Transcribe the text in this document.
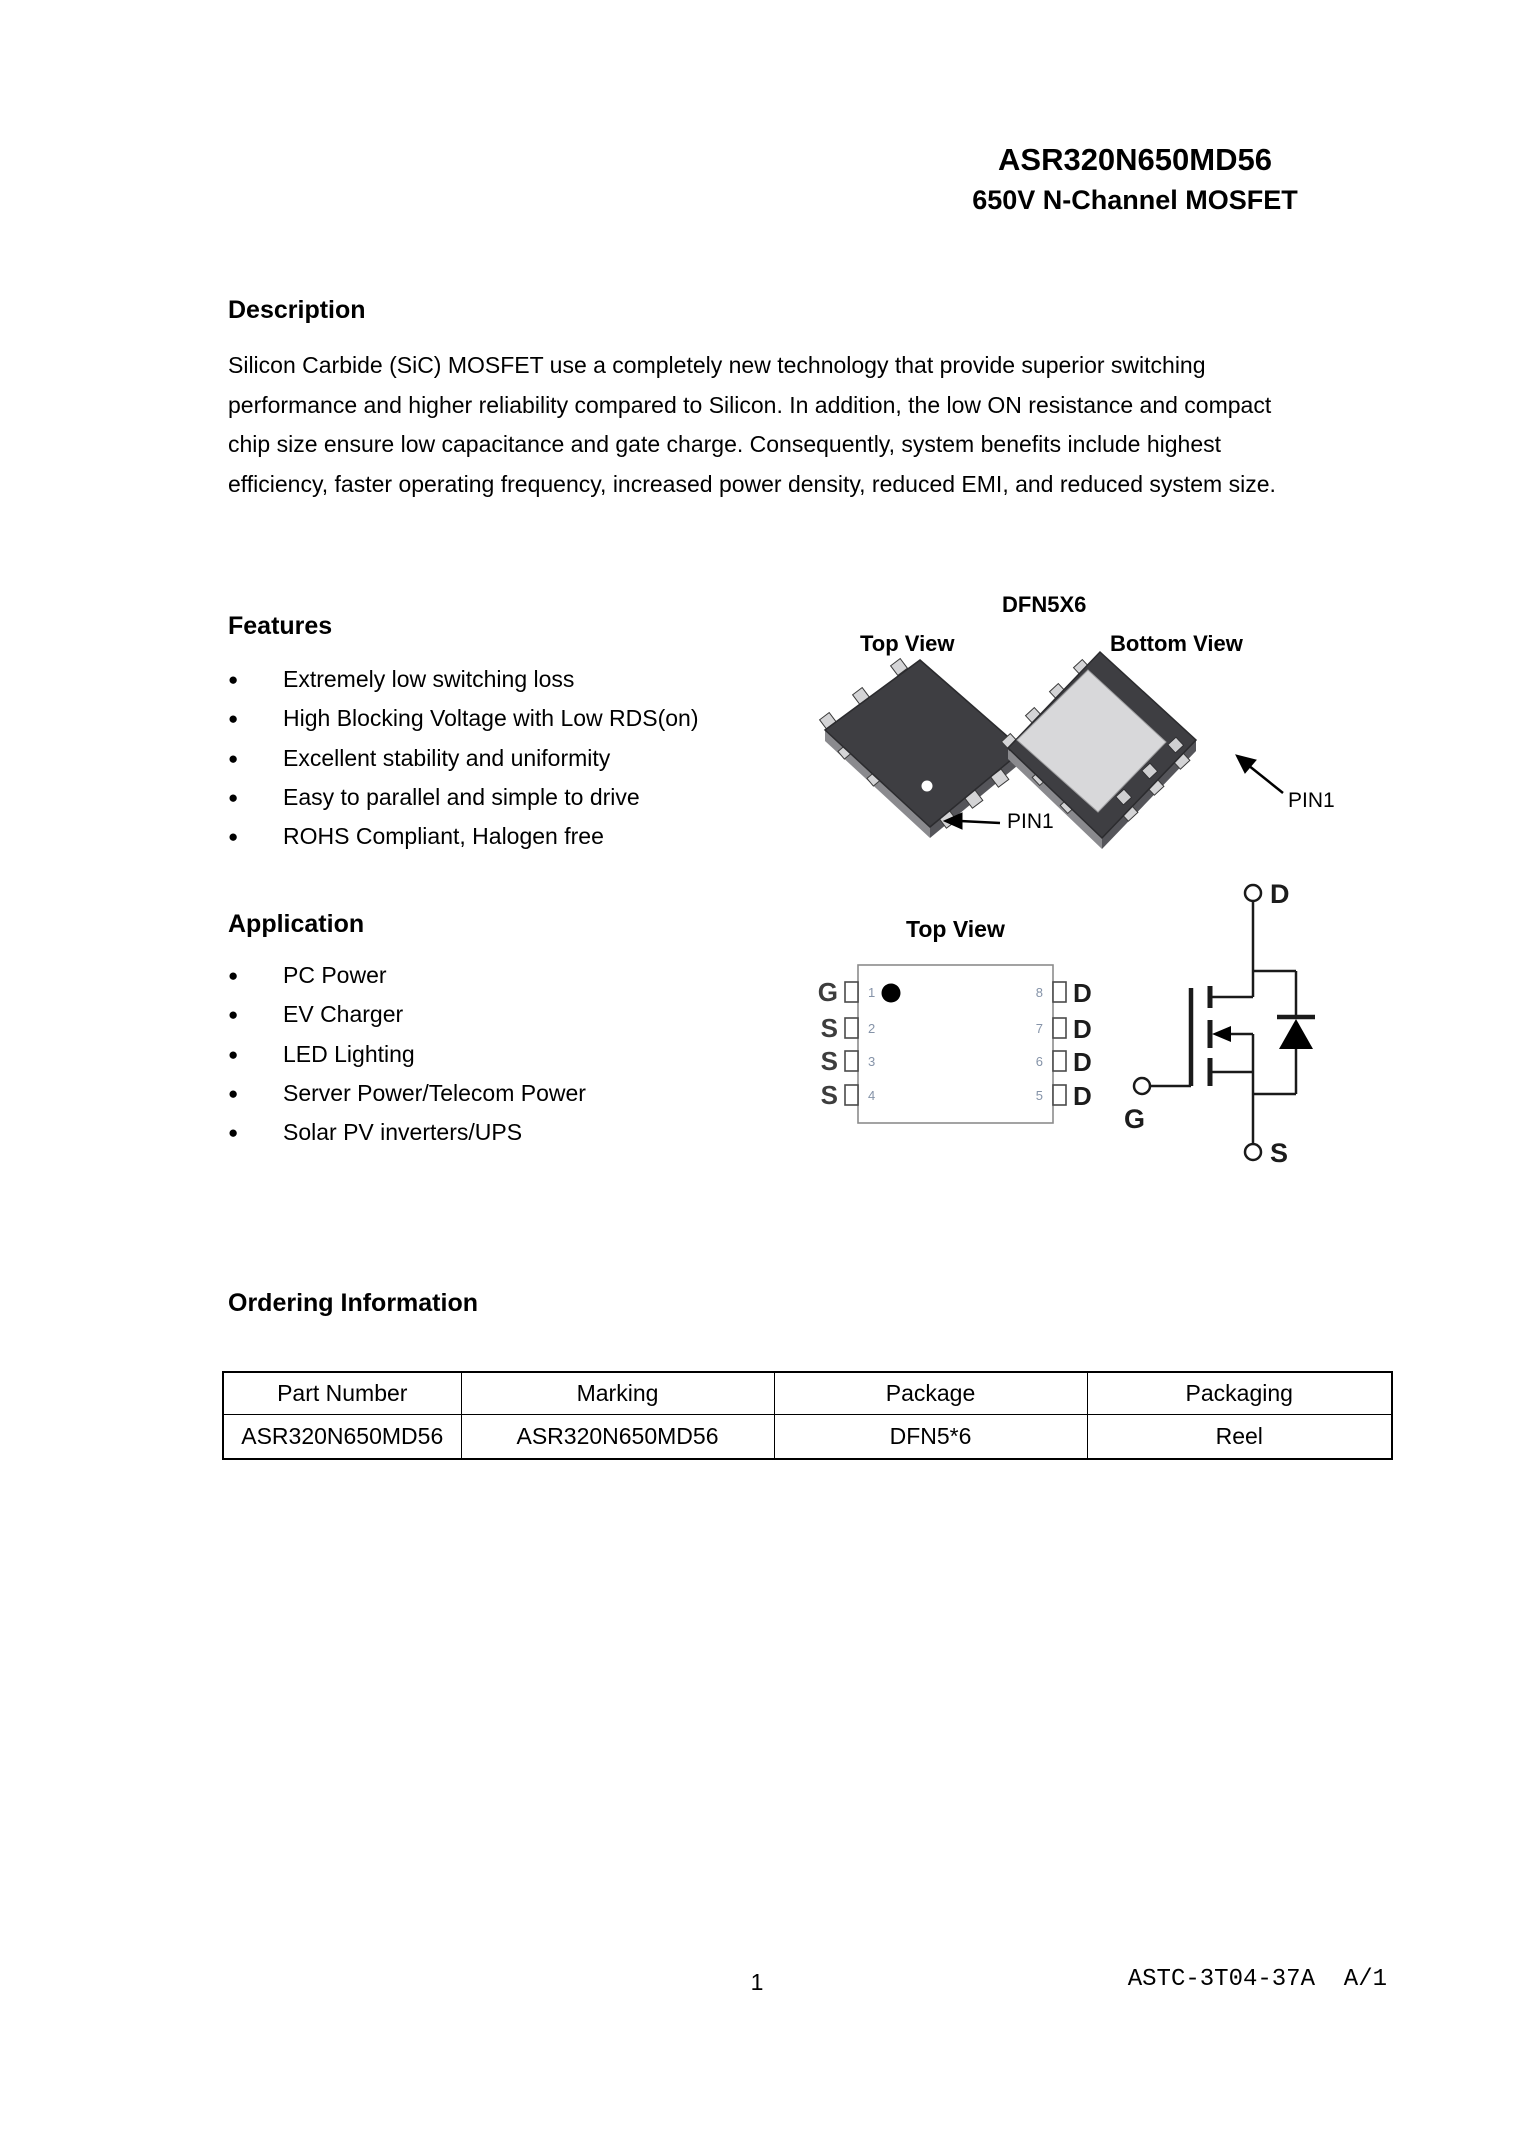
ASR320N650MD56
650V N-Channel MOSFET
Description
Silicon Carbide (SiC) MOSFET use a completely new technology that provide superior switching performance and higher reliability compared to Silicon. In addition, the low ON resistance and compact chip size ensure low capacitance and gate charge. Consequently, system benefits include highest efficiency, faster operating frequency, increased power density, reduced EMI, and reduced system size.
Features
●	Extremely low switching loss
●	High Blocking Voltage with Low RDS(on)
●	Excellent stability and uniformity
●	Easy to parallel and simple to drive
●	ROHS Compliant, Halogen free
Application
●	PC Power
●	EV Charger
●	LED Lighting
●	Server Power/Telecom Power
●	Solar PV inverters/UPS
DFN5X6
Top View	Bottom View
PIN1
PIN1
Top View
G
S
S
S
D
D
D
D
1
2
3
4
8
7
6
5
D
G
S
Ordering Information
Part Number	Marking	Package	Packaging
ASR320N650MD56	ASR320N650MD56	DFN5*6	Reel
1	ASTC-3T04-37A  A/1
